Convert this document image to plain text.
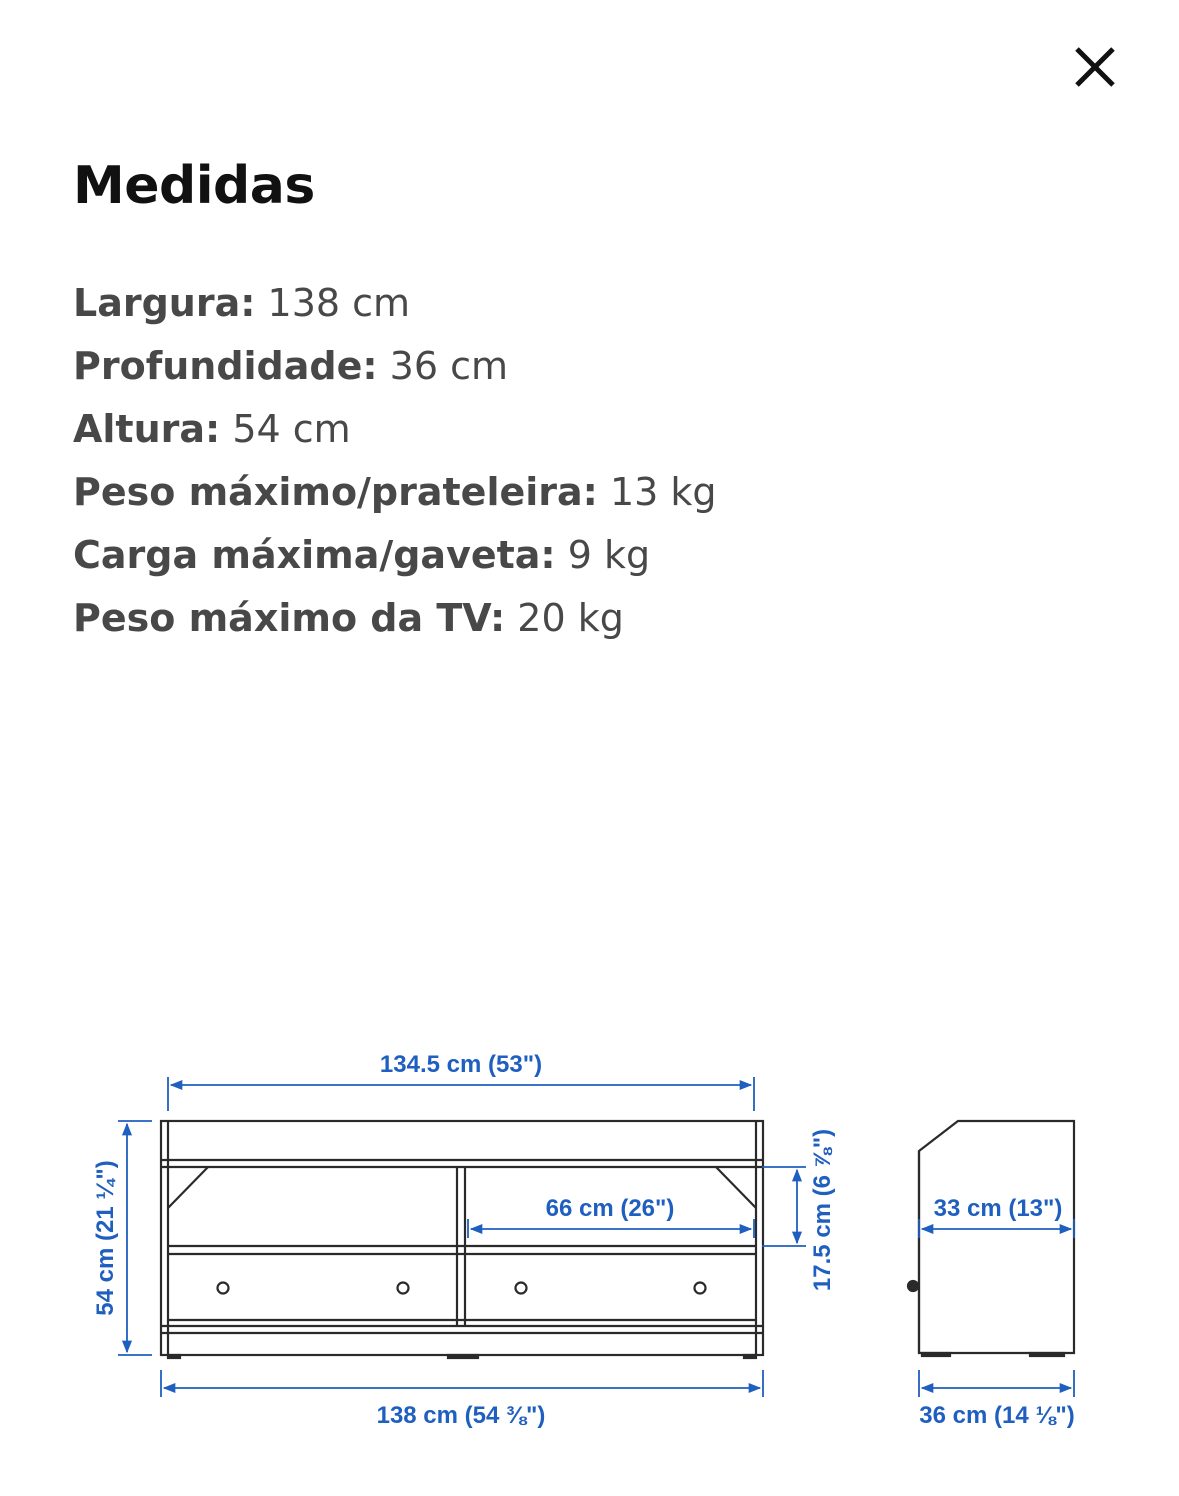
Medidas
Largura: 138 cm
Profundidade: 36 cm
Altura: 54 cm
Peso máximo/prateleira: 13 kg
Carga máxima/gaveta: 9 kg
Peso máximo da TV: 20 kg
134.5 cm (53")
66 cm (26")
138 cm (54 ⅜")
54 cm (21 ¼")	17.5 cm (6 ⅞")	33 cm (13")
36 cm (14 ⅛")
